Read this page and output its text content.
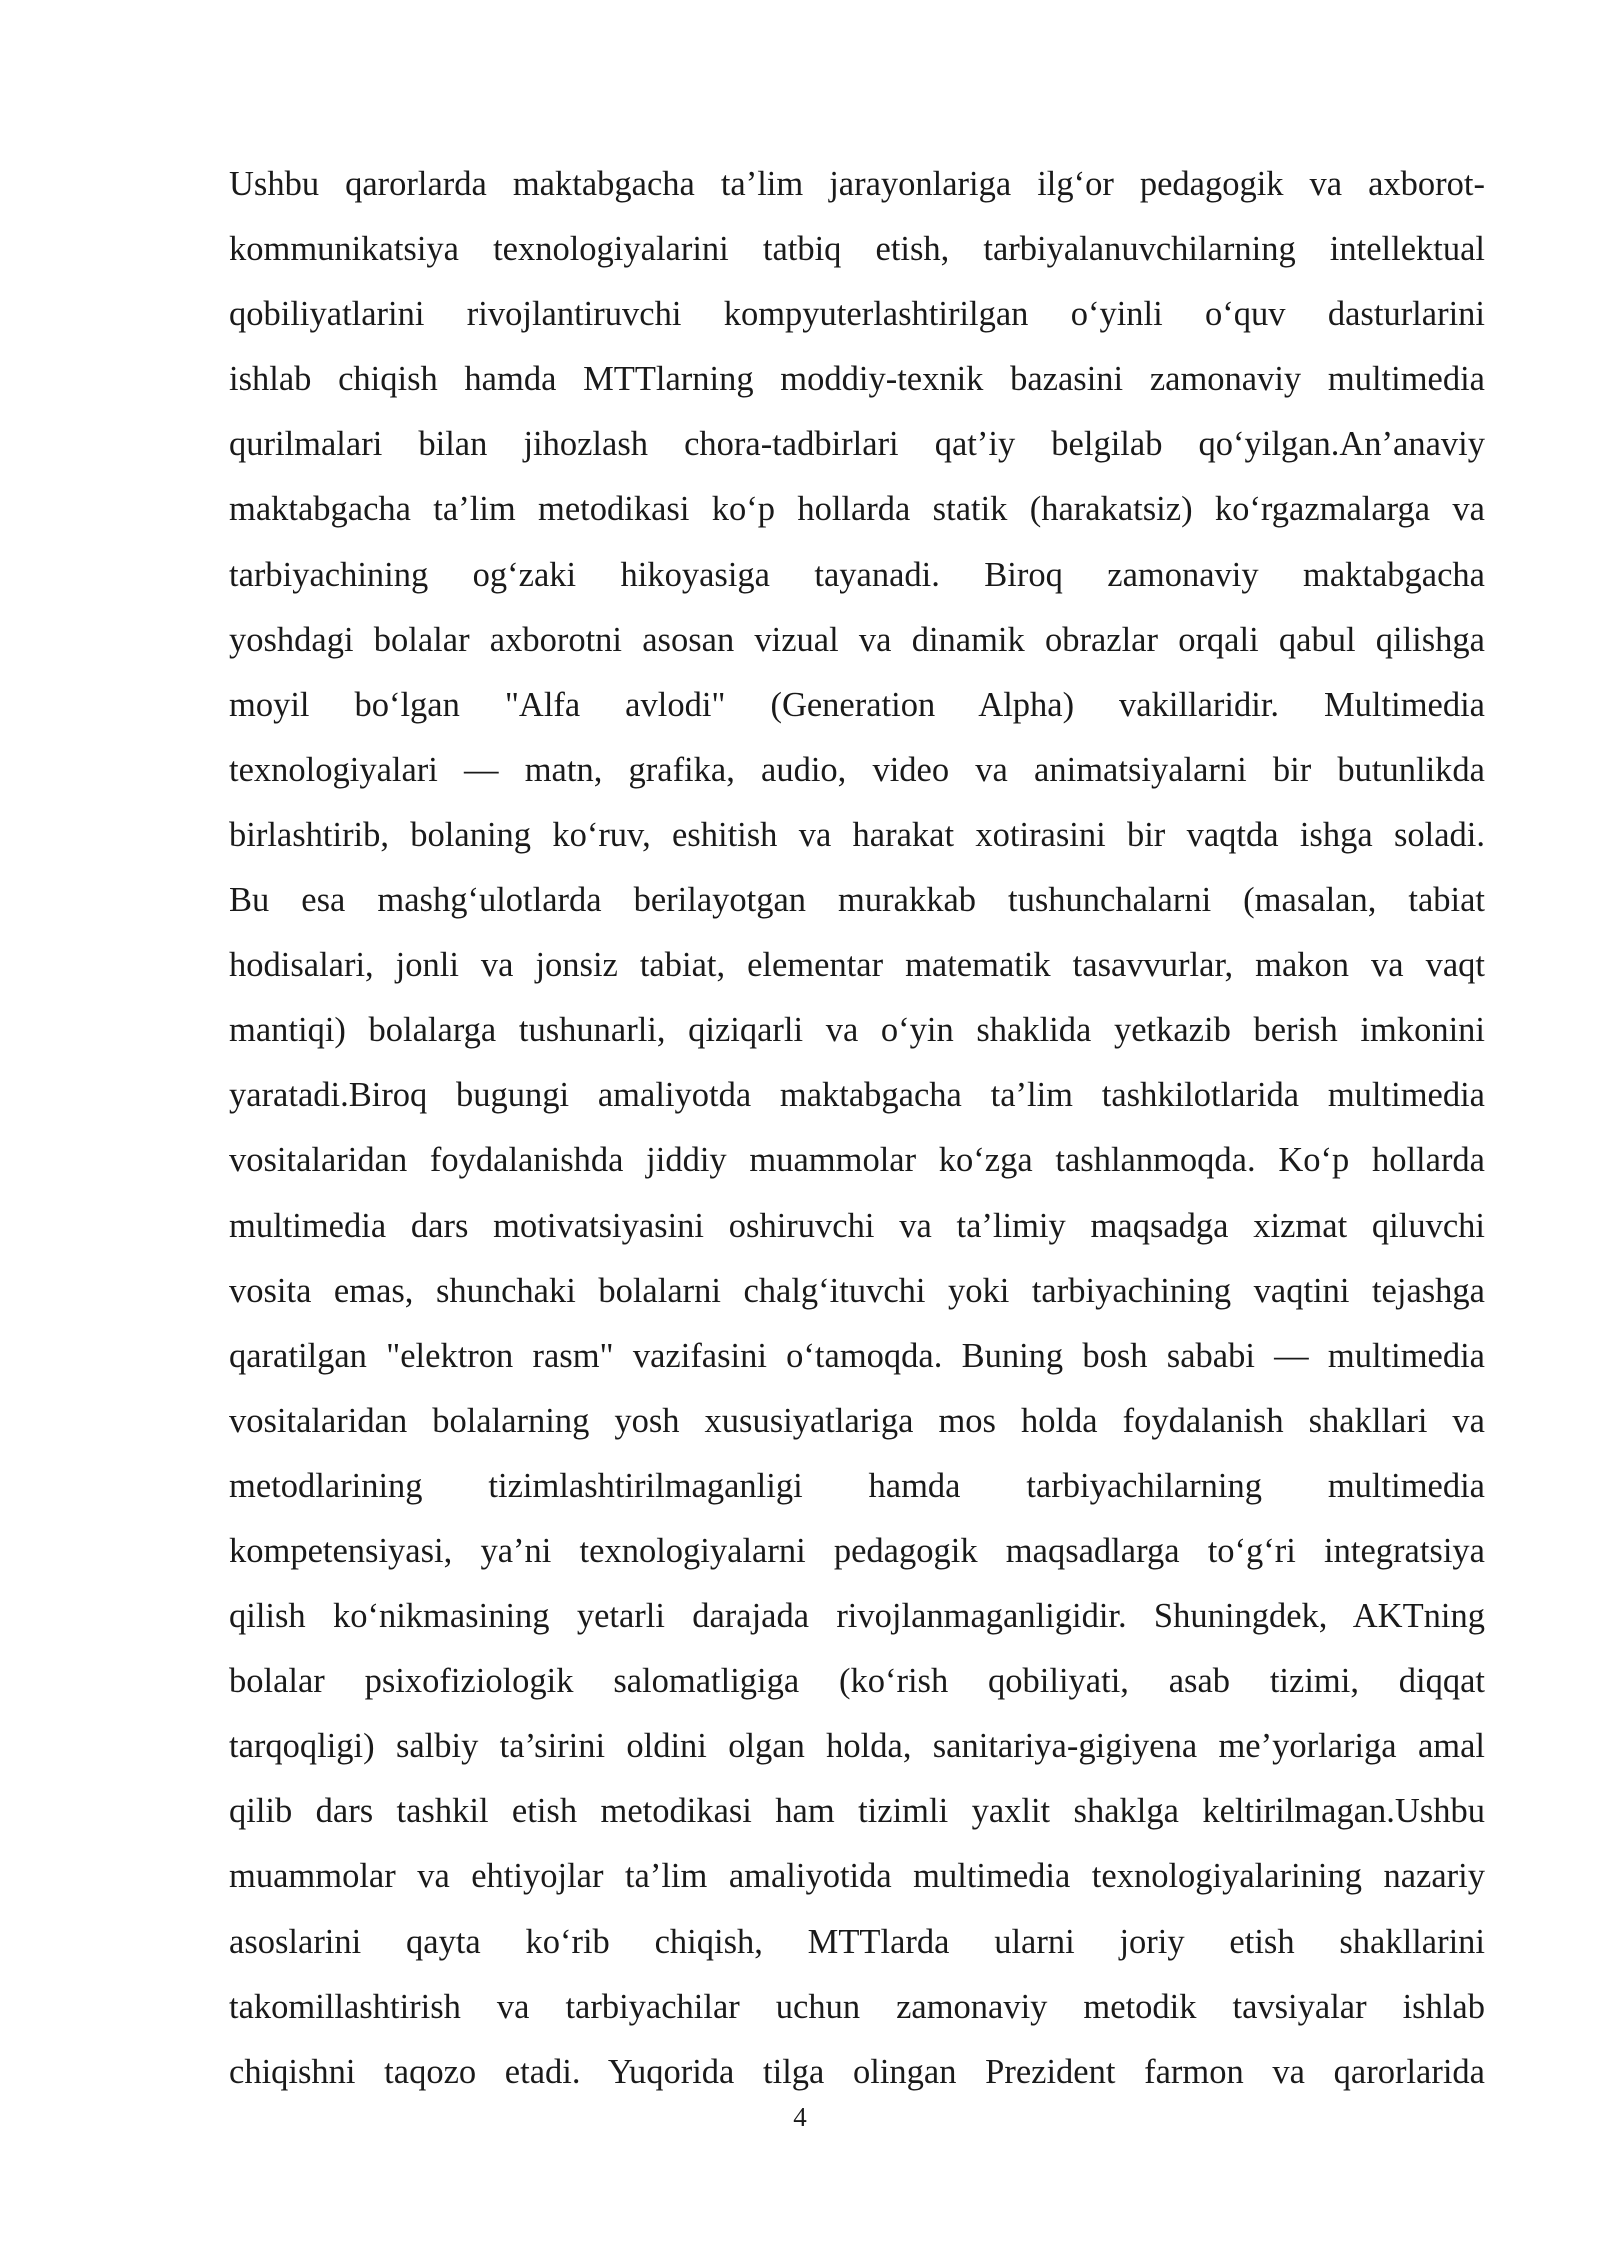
Ushbu qarorlarda maktabgacha ta’lim jarayonlariga ilg‘or pedagogik va axborot-
kommunikatsiya texnologiyalarini tatbiq etish, tarbiyalanuvchilarning intellektual
qobiliyatlarini rivojlantiruvchi kompyuterlashtirilgan o‘yinli o‘quv dasturlarini
ishlab chiqish hamda MTTlarning moddiy-texnik bazasini zamonaviy multimedia
qurilmalari bilan jihozlash chora-tadbirlari qat’iy belgilab qo‘yilgan.An’anaviy
maktabgacha ta’lim metodikasi ko‘p hollarda statik (harakatsiz) ko‘rgazmalarga va
tarbiyachining og‘zaki hikoyasiga tayanadi. Biroq zamonaviy maktabgacha
yoshdagi bolalar axborotni asosan vizual va dinamik obrazlar orqali qabul qilishga
moyil bo‘lgan "Alfa avlodi" (Generation Alpha) vakillaridir. Multimedia
texnologiyalari — matn, grafika, audio, video va animatsiyalarni bir butunlikda
birlashtirib, bolaning ko‘ruv, eshitish va harakat xotirasini bir vaqtda ishga soladi.
Bu esa mashg‘ulotlarda berilayotgan murakkab tushunchalarni (masalan, tabiat
hodisalari, jonli va jonsiz tabiat, elementar matematik tasavvurlar, makon va vaqt
mantiqi) bolalarga tushunarli, qiziqarli va o‘yin shaklida yetkazib berish imkonini
yaratadi.Biroq bugungi amaliyotda maktabgacha ta’lim tashkilotlarida multimedia
vositalaridan foydalanishda jiddiy muammolar ko‘zga tashlanmoqda. Ko‘p hollarda
multimedia dars motivatsiyasini oshiruvchi va ta’limiy maqsadga xizmat qiluvchi
vosita emas, shunchaki bolalarni chalg‘ituvchi yoki tarbiyachining vaqtini tejashga
qaratilgan "elektron rasm" vazifasini o‘tamoqda. Buning bosh sababi — multimedia
vositalaridan bolalarning yosh xususiyatlariga mos holda foydalanish shakllari va
metodlarining tizimlashtirilmaganligi hamda tarbiyachilarning multimedia
kompetensiyasi, ya’ni texnologiyalarni pedagogik maqsadlarga to‘g‘ri integratsiya
qilish ko‘nikmasining yetarli darajada rivojlanmaganligidir. Shuningdek, AKTning
bolalar psixofiziologik salomatligiga (ko‘rish qobiliyati, asab tizimi, diqqat
tarqoqligi) salbiy ta’sirini oldini olgan holda, sanitariya-gigiyena me’yorlariga amal
qilib dars tashkil etish metodikasi ham tizimli yaxlit shaklga keltirilmagan.Ushbu
muammolar va ehtiyojlar ta’lim amaliyotida multimedia texnologiyalarining nazariy
asoslarini qayta ko‘rib chiqish, MTTlarda ularni joriy etish shakllarini
takomillashtirish va tarbiyachilar uchun zamonaviy metodik tavsiyalar ishlab
chiqishni taqozo etadi. Yuqorida tilga olingan Prezident farmon va qarorlarida
4
